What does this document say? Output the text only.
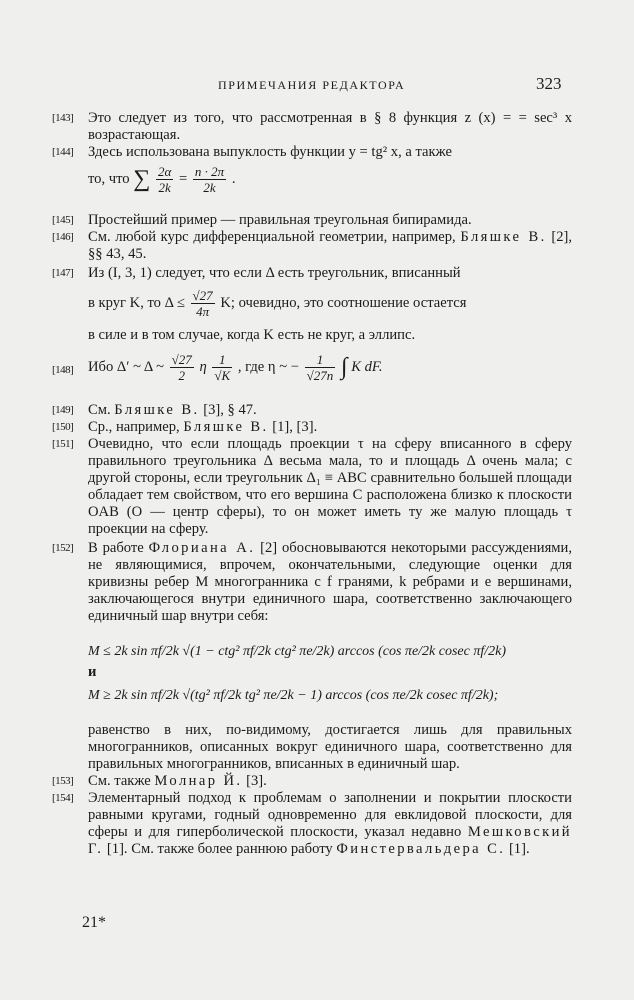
ПРИМЕЧАНИЯ РЕДАКТОРА	323
[143] Это следует из того, что рассмотренная в § 8 функция z (x) = = sec³ x возрастающая.
[144] Здесь использована выпуклость функции y = tg² x, а также
то, что ∑ $\frac{2\alpha}{2k} = \frac{n \cdot 2\pi}{2k}$ .
[145] Простейший пример — правильная треугольная бипирамида.
[146] См. любой курс дифференциальной геометрии, например, Бляшке В. [2], §§ 43, 45.
[147] Из (I, 3, 1) следует, что если Δ есть треугольник, вписанный
в круг K, то $\Delta \le \frac{√27}{4\pi} K$; очевидно, это соотношение остается
в силе и в том случае, когда K есть не круг, а эллипс.
[148] Ибо Δ′ ~ Δ ~ $\frac{√27}{2}$ η $\frac{1}{√K}$ , где η ~ − $\frac{1}{√27n}$ ∫ K dF.
[149] См. Бляшке В. [3], § 47.
[150] Ср., например, Бляшке В. [1], [3].
[151] Очевидно, что если площадь проекции τ на сферу вписанного в сферу правильного треугольника Δ весьма мала, то и площадь Δ очень мала; с другой стороны, если треугольник Δ₁ ≡ ABC сравнительно большей площади обладает тем свойством, что его вершина C расположена близко к плоскости OAB (O — центр сферы), то он может иметь ту же малую площадь τ проекции на сферу.
[152] В работе Флориана А. [2] обосновываются некоторыми рассуждениями, не являющимися, впрочем, окончательными, следующие оценки для кривизны ребер M многогранника с f гранями, k ребрами и e вершинами, заключающегося внутри единичного шара, соответственно заключающего единичный шар внутри себя:
M ≤ 2k sin πf/2k √(1 − ctg² πf/2k ctg² πe/2k) arccos (cos πe/2k cosec πf/2k)
и
M ≥ 2k sin πf/2k √(tg² πf/2k tg² πe/2k − 1) arccos (cos πe/2k cosec πf/2k);
равенство в них, по-видимому, достигается лишь для правильных многогранников, описанных вокруг единичного шара, соответственно для правильных многогранников, вписанных в единичный шар.
[153] См. также Молнар Й. [3].
[154] Элементарный подход к проблемам о заполнении и покрытии плоскости равными кругами, годный одновременно для евклидовой плоскости, для сферы и для гиперболической плоскости, указал недавно Мешковский Г. [1]. См. также более раннюю работу Финстервальдера С. [1].
21*
